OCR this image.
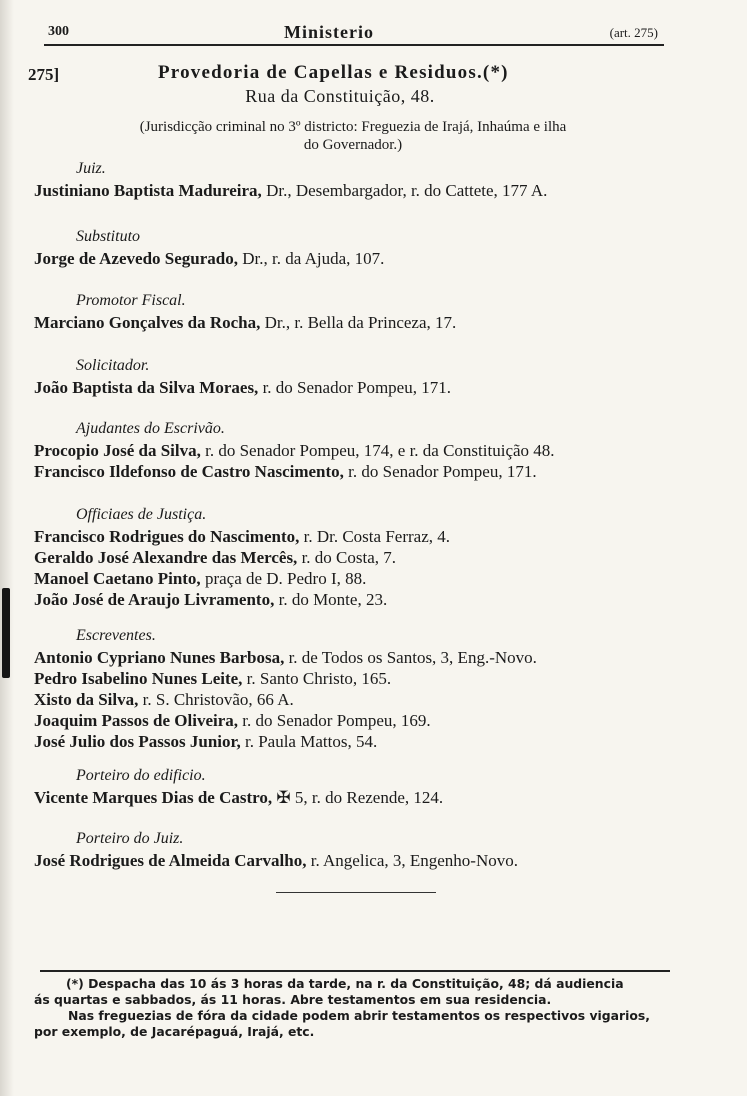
300	Ministerio	(art. 275)
275]	Provedoria de Capellas e Residuos.(*)
Rua da Constituição, 48.
(Jurisdicção criminal no 3º districto: Freguezia de Irajá, Inhaúma e ilha
do Governador.)
Juiz.
Justiniano Baptista Madureira, Dr., Desembargador, r. do Cattete, 177 A.
Substituto
Jorge de Azevedo Segurado, Dr., r. da Ajuda, 107.
Promotor Fiscal.
Marciano Gonçalves da Rocha, Dr., r. Bella da Princeza, 17.
Solicitador.
João Baptista da Silva Moraes, r. do Senador Pompeu, 171.
Ajudantes do Escrivão.
Procopio José da Silva, r. do Senador Pompeu, 174, e r. da Constituição 48.
Francisco Ildefonso de Castro Nascimento, r. do Senador Pompeu, 171.
Officiaes de Justiça.
Francisco Rodrigues do Nascimento, r. Dr. Costa Ferraz, 4.
Geraldo José Alexandre das Mercês, r. do Costa, 7.
Manoel Caetano Pinto, praça de D. Pedro I, 88.
João José de Araujo Livramento, r. do Monte, 23.
Escreventes.
Antonio Cypriano Nunes Barbosa, r. de Todos os Santos, 3, Eng.-Novo.
Pedro Isabelino Nunes Leite, r. Santo Christo, 165.
Xisto da Silva, r. S. Christovão, 66 A.
Joaquim Passos de Oliveira, r. do Senador Pompeu, 169.
José Julio dos Passos Junior, r. Paula Mattos, 54.
Porteiro do edificio.
Vicente Marques Dias de Castro, ✠ 5, r. do Rezende, 124.
Porteiro do Juiz.
José Rodrigues de Almeida Carvalho, r. Angelica, 3, Engenho-Novo.
(*) Despacha das 10 ás 3 horas da tarde, na r. da Constituição, 48; dá audiencia
ás quartas e sabbados, ás 11 horas. Abre testamentos em sua residencia.
Nas freguezias de fóra da cidade podem abrir testamentos os respectivos vigarios,
por exemplo, de Jacarépaguá, Irajá, etc.
